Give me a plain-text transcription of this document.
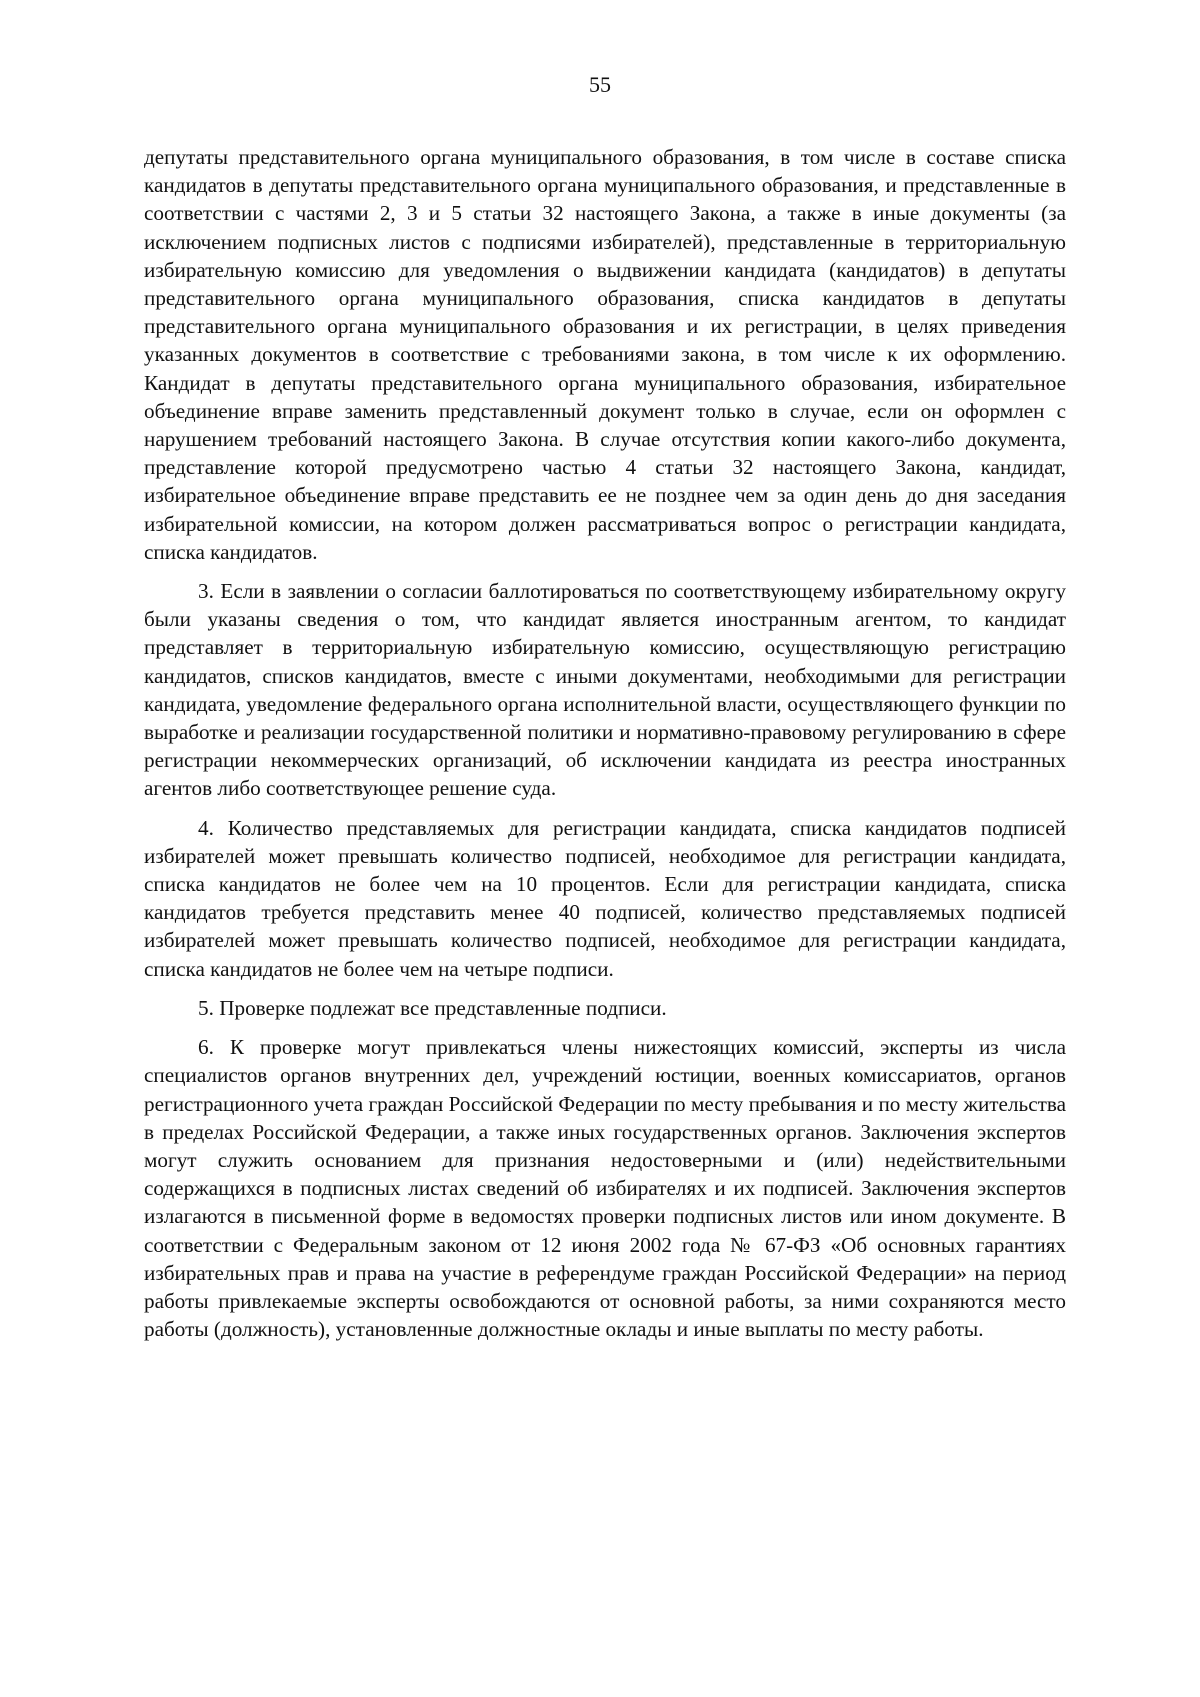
55

депутаты представительного органа муниципального образования, в том числе в составе списка кандидатов в депутаты представительного органа муниципального образования, и представленные в соответствии с частями 2, 3 и 5 статьи 32 настоящего Закона, а также в иные документы (за исключением подписных листов с подписями избирателей), представленные в территориальную избирательную комиссию для уведомления о выдвижении кандидата (кандидатов) в депутаты представительного органа муниципального образования, списка кандидатов в депутаты представительного органа муниципального образования и их регистрации, в целях приведения указанных документов в соответствие с требованиями закона, в том числе к их оформлению. Кандидат в депутаты представительного органа муниципального образования, избирательное объединение вправе заменить представленный документ только в случае, если он оформлен с нарушением требований настоящего Закона. В случае отсутствия копии какого-либо документа, представление которой предусмотрено частью 4 статьи 32 настоящего Закона, кандидат, избирательное объединение вправе представить ее не позднее чем за один день до дня заседания избирательной комиссии, на котором должен рассматриваться вопрос о регистрации кандидата, списка кандидатов.

3. Если в заявлении о согласии баллотироваться по соответствующему избирательному округу были указаны сведения о том, что кандидат является иностранным агентом, то кандидат представляет в территориальную избирательную комиссию, осуществляющую регистрацию кандидатов, списков кандидатов, вместе с иными документами, необходимыми для регистрации кандидата, уведомление федерального органа исполнительной власти, осуществляющего функции по выработке и реализации государственной политики и нормативно-правовому регулированию в сфере регистрации некоммерческих организаций, об исключении кандидата из реестра иностранных агентов либо соответствующее решение суда.

4. Количество представляемых для регистрации кандидата, списка кандидатов подписей избирателей может превышать количество подписей, необходимое для регистрации кандидата, списка кандидатов не более чем на 10 процентов. Если для регистрации кандидата, списка кандидатов требуется представить менее 40 подписей, количество представляемых подписей избирателей может превышать количество подписей, необходимое для регистрации кандидата, списка кандидатов не более чем на четыре подписи.

5. Проверке подлежат все представленные подписи.

6. К проверке могут привлекаться члены нижестоящих комиссий, эксперты из числа специалистов органов внутренних дел, учреждений юстиции, военных комиссариатов, органов регистрационного учета граждан Российской Федерации по месту пребывания и по месту жительства в пределах Российской Федерации, а также иных государственных органов. Заключения экспертов могут служить основанием для признания недостоверными и (или) недействительными содержащихся в подписных листах сведений об избирателях и их подписей. Заключения экспертов излагаются в письменной форме в ведомостях проверки подписных листов или ином документе. В соответствии с Федеральным законом от 12 июня 2002 года № 67-ФЗ «Об основных гарантиях избирательных прав и права на участие в референдуме граждан Российской Федерации» на период работы привлекаемые эксперты освобождаются от основной работы, за ними сохраняются место работы (должность), установленные должностные оклады и иные выплаты по месту работы.
